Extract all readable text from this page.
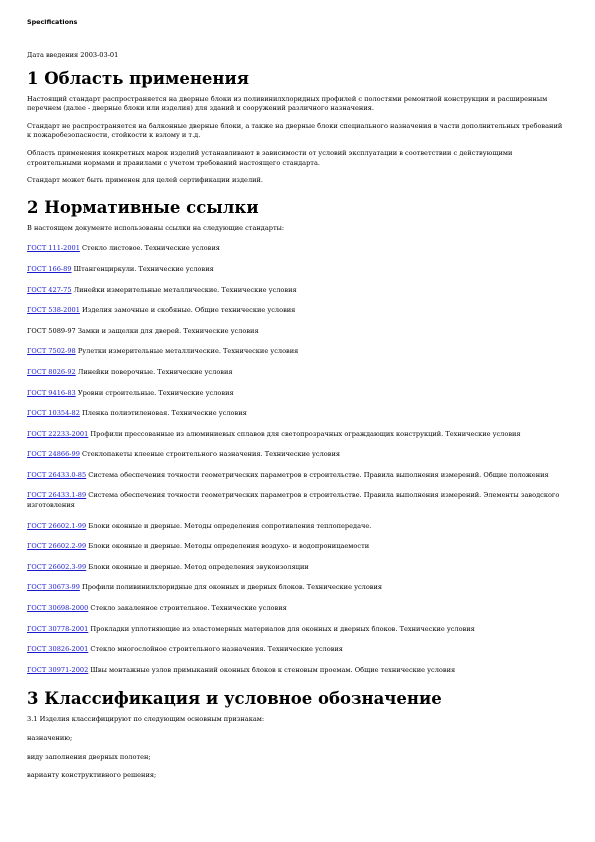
Specifications
Дата введения 2003-03-01
1 Область применения

Настоящий стандарт распространяется на дверные блоки из поливинилхлоридных профилей с полостями ремонтной конструкции и расширенным перечнем (далее - дверные блоки или изделия) для зданий и сооружений различного назначения.

Стандарт не распространяется на балконные дверные блоки, а также на дверные блоки специального назначения в части дополнительных требований к пожаробезопасности, стойкости к взлому и т.д.

Область применения конкретных марок изделий устанавливают в зависимости от условий эксплуатации в соответствии с действующими строительными нормами и правилами с учетом требований настоящего стандарта.

Стандарт может быть применен для целей сертификации изделий.

2 Нормативные ссылки

В настоящем документе использованы ссылки на следующие стандарты:

ГОСТ 111-2001 Стекло листовое. Технические условия

ГОСТ 166-89 Штангенциркули. Технические условия

ГОСТ 427-75 Линейки измерительные металлические. Технические условия

ГОСТ 538-2001 Изделия замочные и скобяные. Общие технические условия

ГОСТ 5089-97 Замки и защелки для дверей. Технические условия

ГОСТ 7502-98 Рулетки измерительные металлические. Технические условия

ГОСТ 8026-92 Линейки поверочные. Технические условия

ГОСТ 9416-83 Уровни строительные. Технические условия

ГОСТ 10354-82 Пленка полиэтиленовая. Технические условия

ГОСТ 22233-2001 Профили прессованные из алюминиевых сплавов для светопрозрачных ограждающих конструкций. Технические условия

ГОСТ 24866-99 Стеклопакеты клееные строительного назначения. Технические условия

ГОСТ 26433.0-85 Система обеспечения точности геометрических параметров в строительстве. Правила выполнения измерений. Общие положения

ГОСТ 26433.1-89 Система обеспечения точности геометрических параметров в строительстве. Правила выполнения измерений. Элементы заводского изготовления

ГОСТ 26602.1-99 Блоки оконные и дверные. Методы определения сопротивления теплопередаче.

ГОСТ 26602.2-99 Блоки оконные и дверные. Методы определения воздухо- и водопроницаемости

ГОСТ 26602.3-99 Блоки оконные и дверные. Метод определения звукоизоляции

ГОСТ 30673-99 Профили поливинилхлоридные для оконных и дверных блоков. Технические условия

ГОСТ 30698-2000 Стекло закаленное строительное. Технические условия

ГОСТ 30778-2001 Прокладки уплотняющие из эластомерных материалов для оконных и дверных блоков. Технические условия

ГОСТ 30826-2001 Стекло многослойное строительного назначения. Технические условия

ГОСТ 30971-2002 Швы монтажные узлов примыканий оконных блоков к стеновым проемам. Общие технические условия

3 Классификация и условное обозначение

3.1 Изделия классифицируют по следующим основным признакам:

назначению;

виду заполнения дверных полотен;

варианту конструктивного решения;
